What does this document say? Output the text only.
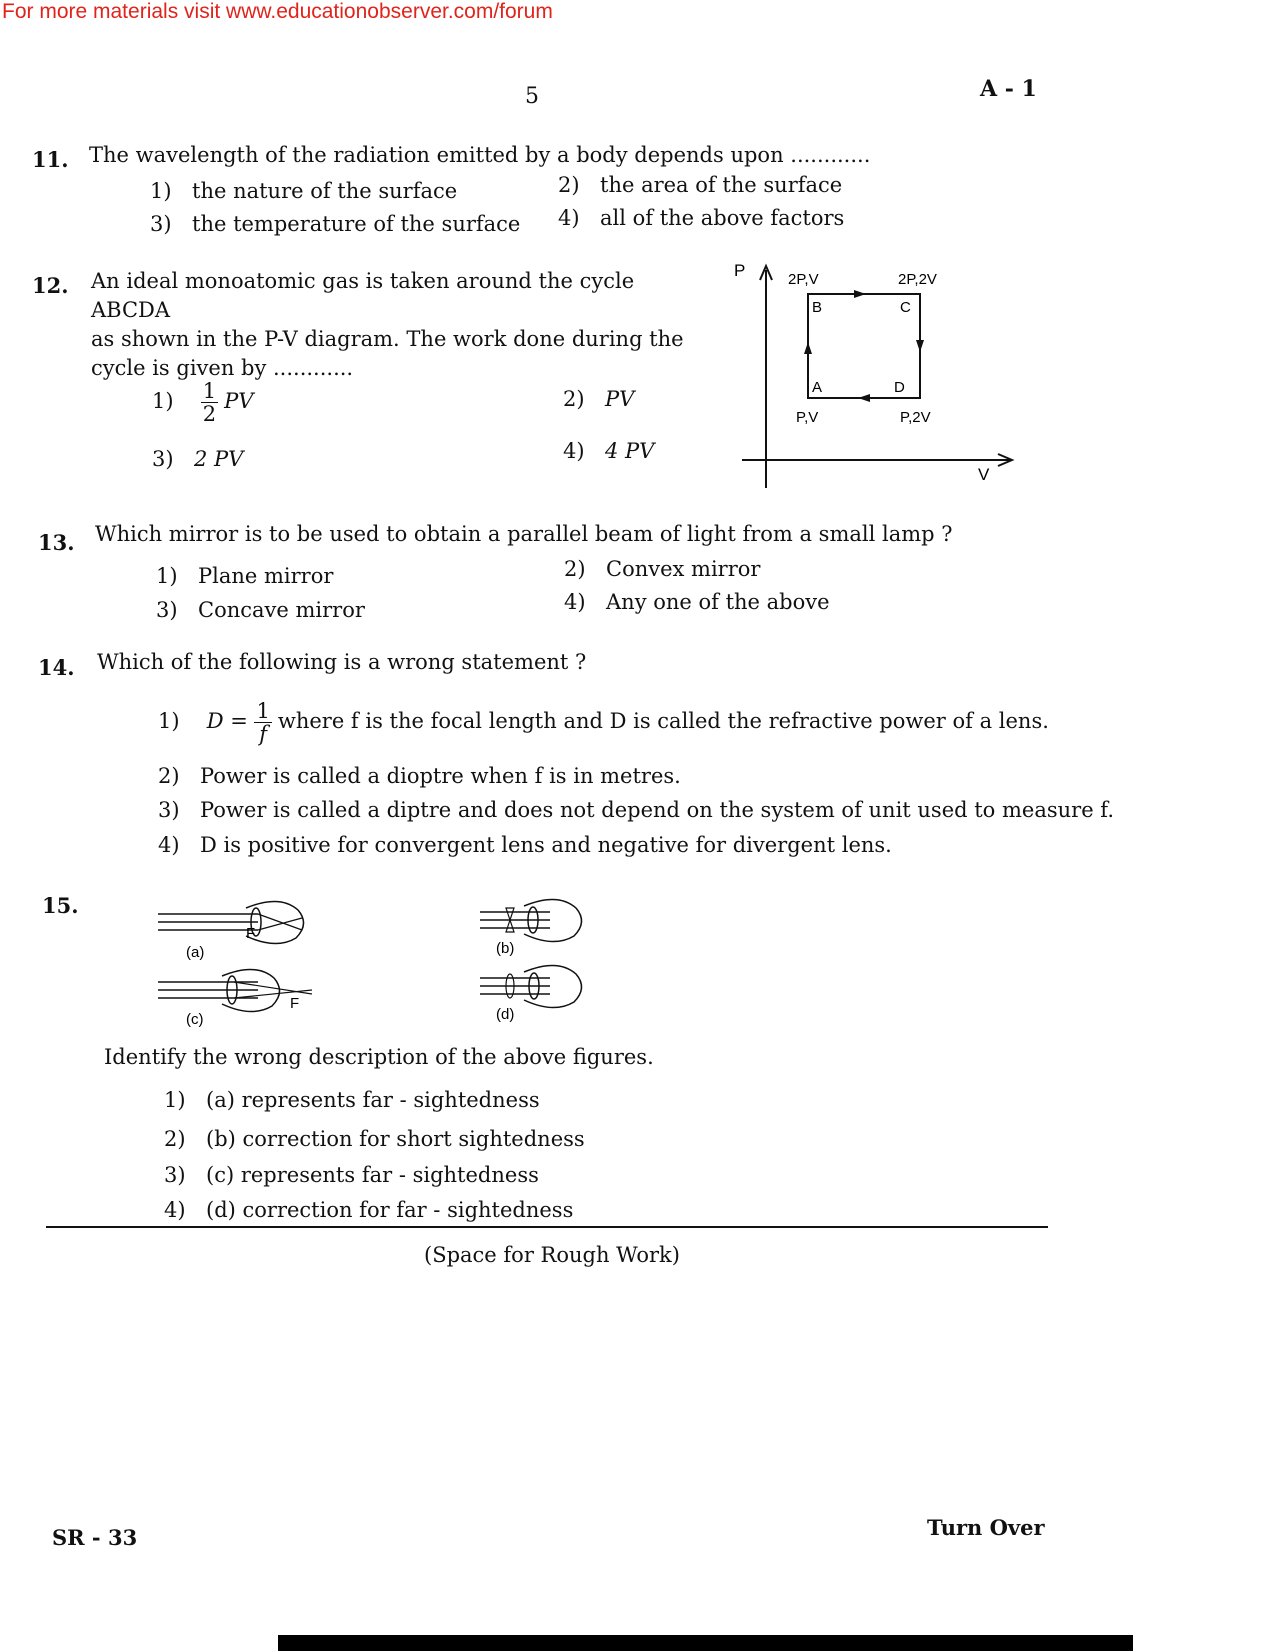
For more materials visit www.educationobserver.com/forum
5	A - 1
11. The wavelength of the radiation emitted by a body depends upon ............
1) the nature of the surface	2) the area of the surface
3) the temperature of the surface 4) all of the above factors
12. An ideal monoatomic gas is taken around the cycle ABCDA
as shown in the P-V diagram. The work done during the
cycle is given by ............
$1) \frac{1}{2}$ PV	2) PV
3) 2 PV	4) 4 PV
P
V
2P,V	2P,2V
P,V	P,2V
B	C
A	D
13. Which mirror is to be used to obtain a parallel beam of light from a small lamp ?
1) Plane mirror	2) Convex mirror
3) Concave mirror	4) Any one of the above
14. Which of the following is a wrong statement ?
1) $D = \frac{1}{f}$ where f is the focal length and D is called the refractive power of a lens.
2) Power is called a dioptre when f is in metres.
3) Power is called a diptre and does not depend on the system of unit used to measure f.
4) D is positive for convergent lens and negative for divergent lens.
15.
F
(a)
F
(c)
(b)
(d)
Identify the wrong description of the above figures.
1) (a) represents far - sightedness
2) (b) correction for short sightedness
3) (c) represents far - sightedness
4) (d) correction for far - sightedness
(Space for Rough Work)
SR - 33	Turn Over
